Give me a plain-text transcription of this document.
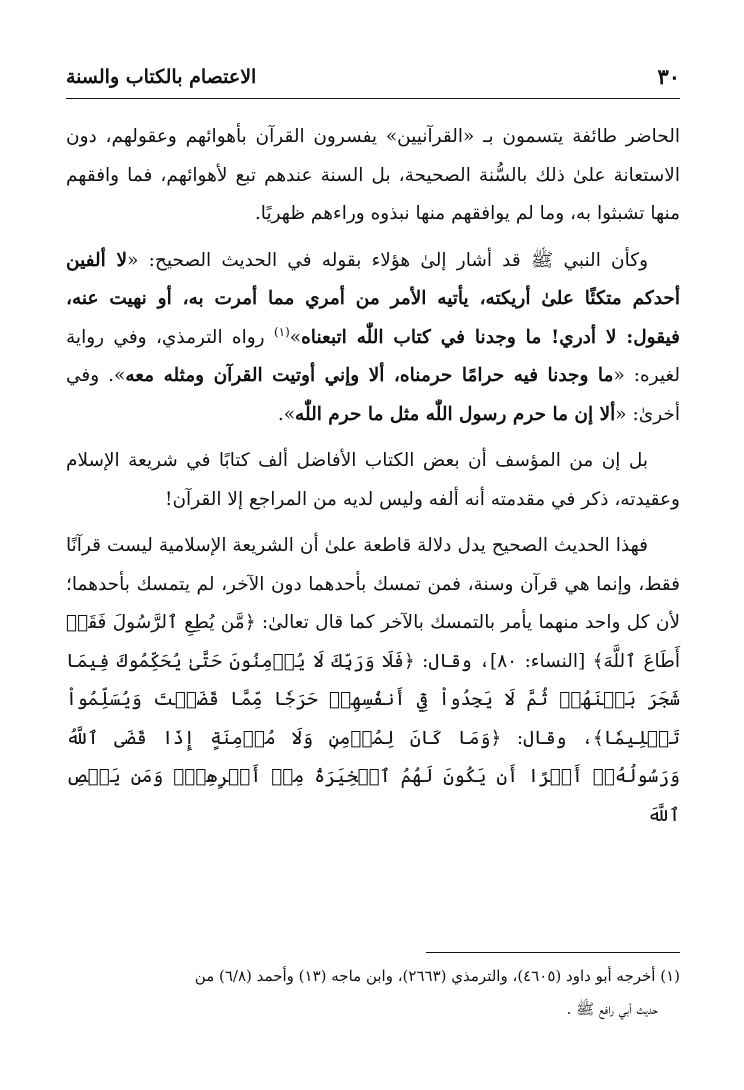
٣٠
الاعتصام بالكتاب والسنة

الحاضر طائفة يتسمون بـ «القرآنيين» يفسرون القرآن بأهوائهم وعقولهم، دون الاستعانة علىٰ ذلك بالسُّنة الصحيحة، بل السنة عندهم تبع لأهوائهم، فما وافقهم منها تشبثوا به، وما لم يوافقهم منها نبذوه وراءهم ظهريًا.

وكأن النبي ﷺ قد أشار إلىٰ هؤلاء بقوله في الحديث الصحيح: «لا ألفين أحدكم متكئًا علىٰ أريكته، يأتيه الأمر من أمري مما أمرت به، أو نهيت عنه، فيقول: لا أدري! ما وجدنا في كتاب اللّٰه اتبعناه»$^{(١)}$ رواه الترمذي، وفي رواية لغيره: «ما وجدنا فيه حرامًا حرمناه، ألا وإني أوتيت القرآن ومثله معه». وفي أخرىٰ: «ألا إن ما حرم رسول اللّٰه مثل ما حرم اللّٰه».

بل إن من المؤسف أن بعض الكتاب الأفاضل ألف كتابًا في شريعة الإسلام وعقيدته، ذكر في مقدمته أنه ألفه وليس لديه من المراجع إلا القرآن!

فهذا الحديث الصحيح يدل دلالة قاطعة علىٰ أن الشريعة الإسلامية ليست قرآنًا فقط، وإنما هي قرآن وسنة، فمن تمسك بأحدهما دون الآخر، لم يتمسك بأحدهما؛ لأن كل واحد منهما يأمر بالتمسك بالآخر كما قال تعالىٰ: ﴿مَّن يُطِعِ ٱلرَّسُولَ فَقَدۡ أَطَاعَ ٱللَّهَ﴾ [النساء: ٨٠]، وقال: ﴿فَلَا وَرَبِّكَ لَا يُؤۡمِنُونَ حَتَّىٰ يُحَكِّمُوكَ فِيمَا شَجَرَ بَيۡنَهُمۡ ثُمَّ لَا يَجِدُواْ فِيٓ أَنفُسِهِمۡ حَرَجٗا مِّمَّا قَضَيۡتَ وَيُسَلِّمُواْ تَسۡلِيمٗا﴾، وقال: ﴿وَمَا كَانَ لِمُؤۡمِنٖ وَلَا مُؤۡمِنَةٍ إِذَا قَضَى ٱللَّهُ وَرَسُولُهُۥٓ أَمۡرًا أَن يَكُونَ لَهُمُ ٱلۡخِيَرَةُ مِنۡ أَمۡرِهِمۡۗ وَمَن يَعۡصِ ٱللَّهَ

(١) أخرجه أبو داود (٤٦٠٥)، والترمذي (٢٦٦٣)، وابن ماجه (١٣) وأحمد (٦/٨) من

حديث أبي رافع ﷺ .
